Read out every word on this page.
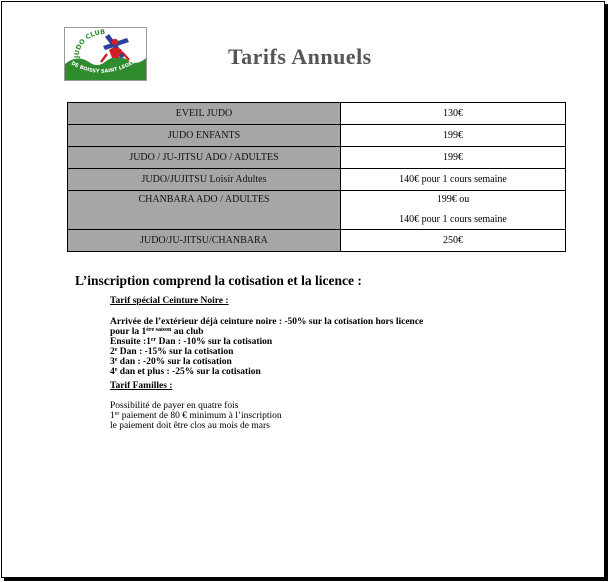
JUDO CLUB
DE BOISSY SAINT LEGER	Tarifs Annuels
EVEIL JUDO	130€
JUDO ENFANTS	199€
JUDO / JU-JITSU ADO / ADULTES	199€
JUDO/JUJITSU Loisir Adultes	140€ pour 1 cours semaine
CHANBARA ADO / ADULTES	199€ ou
140€ pour 1 cours semaine

JUDO/JU-JITSU/CHANBARA	250€
L’inscription comprend la cotisation et la licence :
Tarif spécial Ceinture Noire :
Arrivée de l’extérieur déjà ceinture noire : -50% sur la cotisation hors licence
pour la $1^{ère saison}$ au club
Ensuite :1er Dan : -10% sur la cotisation
2e Dan : -15% sur la cotisation
3e dan : -20% sur la cotisation
4e dan et plus : -25% sur la cotisation
Tarif Familles :
Possibilité de payer en quatre fois
1er paiement de 80 € minimum à l’inscription
le paiement doit être clos au mois de mars
